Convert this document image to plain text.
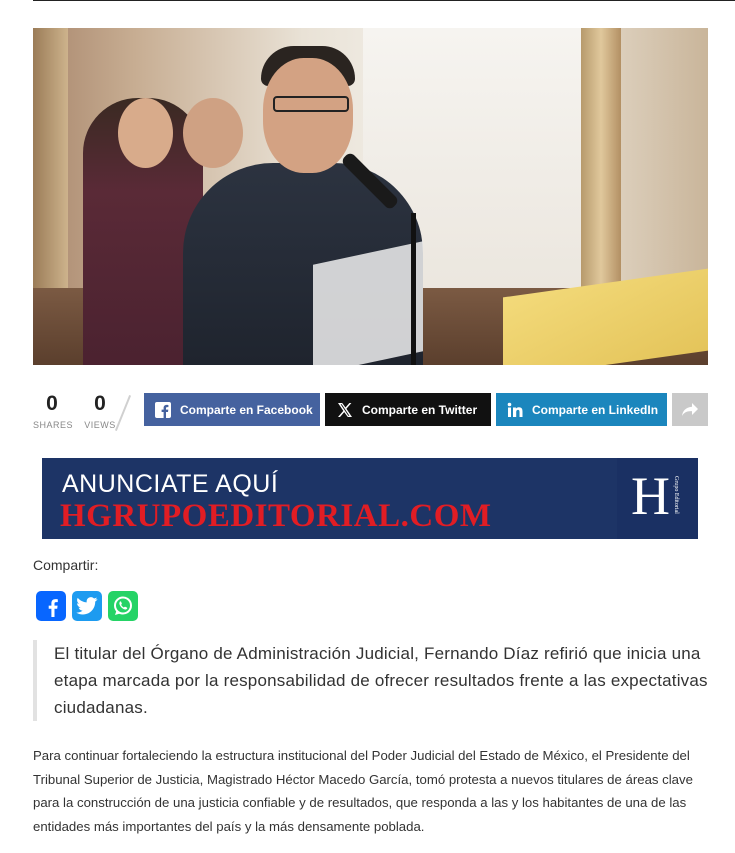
0
SHARES
0
VIEWS
Comparte en Facebook	Comparte en Twitter	Comparte en LinkedIn
ANUNCIATE AQUÍ
HGRUPOEDITORIAL.COM	H Grupo Editorial
Compartir:
El titular del Órgano de Administración Judicial, Fernando Díaz refirió que inicia una etapa marcada por la responsabilidad de ofrecer resultados frente a las expectativas ciudadanas.

Para continuar fortaleciendo la estructura institucional del Poder Judicial del Estado de México, el Presidente del Tribunal Superior de Justicia, Magistrado Héctor Macedo García, tomó protesta a nuevos titulares de áreas clave para la construcción de una justicia confiable y de resultados, que responda a las y los habitantes de una de las entidades más importantes del país y la más densamente poblada.
